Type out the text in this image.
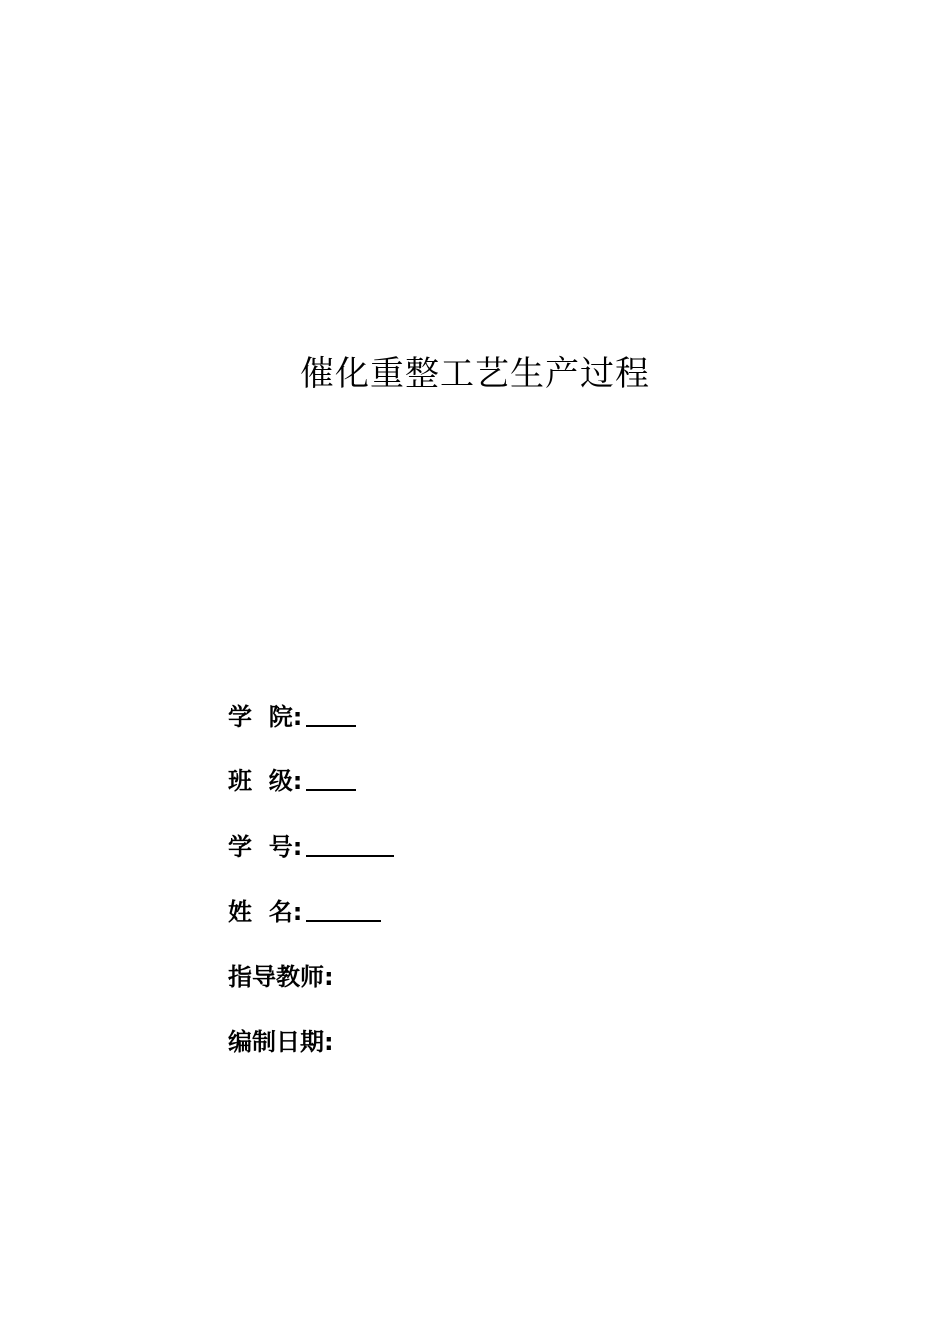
催化重整工艺生产过程
学  院:
班  级:
学  号:
姓  名:
指导教师:
编制日期:
